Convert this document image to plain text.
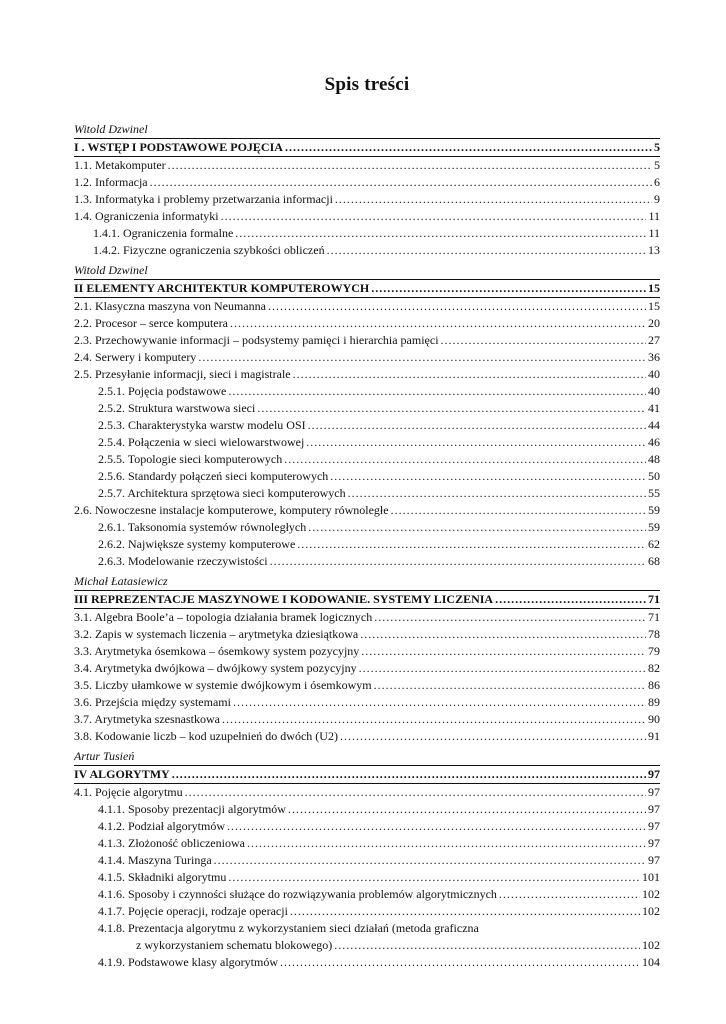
Spis treści
Witold Dzwinel
I . WSTĘP I PODSTAWOWE POJĘCIA .....	5
1.1. Metakomputer .....	5
1.2. Informacja .....	6
1.3. Informatyka i problemy przetwarzania informacji .....	9
1.4. Ograniczenia informatyki .....	11
1.4.1. Ograniczenia formalne .....	11
1.4.2. Fizyczne ograniczenia szybkości obliczeń .....	13
Witold Dzwinel
II ELEMENTY ARCHITEKTUR KOMPUTEROWYCH .....	15
2.1. Klasyczna maszyna von Neumanna .....	15
2.2. Procesor – serce komputera .....	20
2.3. Przechowywanie informacji – podsystemy pamięci i hierarchia pamięci .....	27
2.4. Serwery i komputery .....	36
2.5. Przesyłanie informacji, sieci i magistrale .....	40
2.5.1. Pojęcia podstawowe .....	40
2.5.2. Struktura warstwowa sieci .....	41
2.5.3. Charakterystyka warstw modelu OSI .....	44
2.5.4. Połączenia w sieci wielowarstwowej .....	46
2.5.5. Topologie sieci komputerowych .....	48
2.5.6. Standardy połączeń sieci komputerowych .....	50
2.5.7. Architektura sprzętowa sieci komputerowych .....	55
2.6. Nowoczesne instalacje komputerowe, komputery równoległe .....	59
2.6.1. Taksonomia systemów równoległych .....	59
2.6.2. Największe systemy komputerowe .....	62
2.6.3. Modelowanie rzeczywistości .....	68
Michał Łatasiewicz
III REPREZENTACJE MASZYNOWE I KODOWANIE. SYSTEMY LICZENIA .....	71
3.1. Algebra Boole’a – topologia działania bramek logicznych .....	71
3.2. Zapis w systemach liczenia – arytmetyka dziesiątkowa .....	78
3.3. Arytmetyka ósemkowa – ósemkowy system pozycyjny .....	79
3.4. Arytmetyka dwójkowa – dwójkowy system pozycyjny .....	82
3.5. Liczby ułamkowe w systemie dwójkowym i ósemkowym .....	86
3.6. Przejścia między systemami .....	89
3.7. Arytmetyka szesnastkowa .....	90
3.8. Kodowanie liczb – kod uzupełnień do dwóch (U2) .....	91
Artur Tusień
IV ALGORYTMY .....	97
4.1. Pojęcie algorytmu .....	97
4.1.1. Sposoby prezentacji algorytmów .....	97
4.1.2. Podział algorytmów .....	97
4.1.3. Złożoność obliczeniowa .....	97
4.1.4. Maszyna Turinga .....	97
4.1.5. Składniki algorytmu .....	101
4.1.6. Sposoby i czynności służące do rozwiązywania problemów algorytmicznych .....	102
4.1.7. Pojęcie operacji, rodzaje operacji .....	102
4.1.8. Prezentacja algorytmu z wykorzystaniem sieci działań (metoda graficzna
z wykorzystaniem schematu blokowego) .....	102
4.1.9. Podstawowe klasy algorytmów .....	104
